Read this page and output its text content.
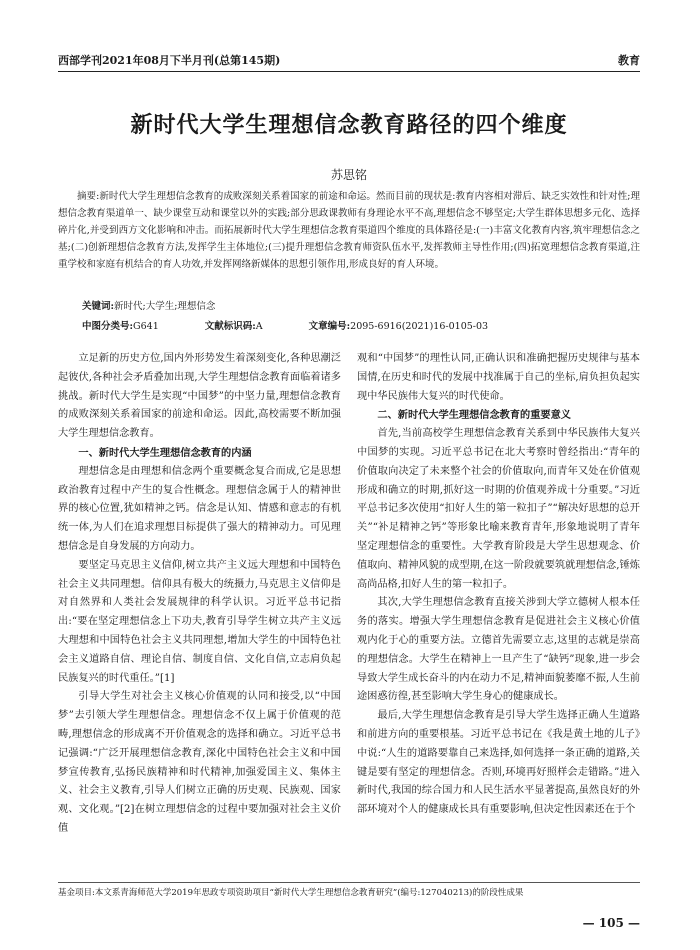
西部学刊2021年08月下半月刊(总第145期)	教育
新时代大学生理想信念教育路径的四个维度
苏思铭
摘要:新时代大学生理想信念教育的成败深刻关系着国家的前途和命运。然而目前的现状是:教育内容相对滞后、缺乏实效性和针对性;理想信念教育渠道单一、缺少课堂互动和课堂以外的实践;部分思政课教师有身理论水平不高,理想信念不够坚定;大学生群体思想多元化、选择碎片化,并受到西方文化影响和冲击。而拓展新时代大学生理想信念教育渠道四个维度的具体路径是:(一)丰富文化教育内容,筑牢理想信念之基;(二)创新理想信念教育方法,发挥学生主体地位;(三)提升理想信念教育师资队伍水平,发挥教师主导性作用;(四)拓宽理想信念教育渠道,注重学校和家庭有机结合的育人功效,并发挥网络新媒体的思想引领作用,形成良好的育人环境。
关键词:新时代;大学生;理想信念
中图分类号:G641	文献标识码:A	文章编号:2095-6916(2021)16-0105-03

立足新的历史方位,国内外形势发生着深刻变化,各种思潮泛起彼伏,各种社会矛盾叠加出现,大学生理想信念教育面临着诸多挑战。新时代大学生是实现“中国梦”的中坚力量,理想信念教育的成败深刻关系着国家的前途和命运。因此,高校需要不断加强大学生理想信念教育。

一、新时代大学生理想信念教育的内涵

理想信念是由理想和信念两个重要概念复合而成,它是思想政治教育过程中产生的复合性概念。理想信念属于人的精神世界的核心位置,犹如精神之钙。信念是认知、情感和意志的有机统一体,为人们在追求理想目标提供了强大的精神动力。可见理想信念是自身发展的方向动力。

要坚定马克思主义信仰,树立共产主义远大理想和中国特色社会主义共同理想。信仰具有极大的统摄力,马克思主义信仰是对自然界和人类社会发展规律的科学认识。习近平总书记指出:“要在坚定理想信念上下功夫,教育引导学生树立共产主义远大理想和中国特色社会主义共同理想,增加大学生的中国特色社会主义道路自信、理论自信、制度自信、文化自信,立志肩负起民族复兴的时代重任。”[1]

引导大学生对社会主义核心价值观的认同和接受,以“中国梦”去引领大学生理想信念。理想信念不仅上属于价值观的范畴,理想信念的形成离不开价值观念的选择和确立。习近平总书记强调:“广泛开展理想信念教育,深化中国特色社会主义和中国梦宣传教育,弘扬民族精神和时代精神,加强爱国主义、集体主义、社会主义教育,引导人们树立正确的历史观、民族观、国家观、文化观。”[2]在树立理想信念的过程中要加强对社会主义价值

观和“中国梦”的理性认同,正确认识和准确把握历史规律与基本国情,在历史和时代的发展中找准属于自己的坐标,肩负担负起实现中华民族伟大复兴的时代使命。

二、新时代大学生理想信念教育的重要意义

首先,当前高校学生理想信念教育关系到中华民族伟大复兴中国梦的实现。习近平总书记在北大考察时曾经指出:“青年的价值取向决定了未来整个社会的价值取向,而青年又处在价值观形成和确立的时期,抓好这一时期的价值观养成十分重要。”习近平总书记多次使用“扣好人生的第一粒扣子”“解决好思想的总开关”“补足精神之钙”等形象比喻来教育青年,形象地说明了青年坚定理想信念的重要性。大学教育阶段是大学生思想观念、价值取向、精神风貌的成型期,在这一阶段就要筑就理想信念,锤炼高尚品格,扣好人生的第一粒扣子。

其次,大学生理想信念教育直接关涉到大学立德树人根本任务的落实。增强大学生理想信念教育是促进社会主义核心价值观内化于心的重要方法。立德首先需要立志,这里的志就是崇高的理想信念。大学生在精神上一旦产生了“缺钙”现象,进一步会导致大学生成长奋斗的内在动力不足,精神面貌萎靡不振,人生前途困惑彷徨,甚至影响大学生身心的健康成长。

最后,大学生理想信念教育是引导大学生选择正确人生道路和前进方向的重要根基。习近平总书记在《我是黄土地的儿子》中说:“人生的道路要靠自己来选择,如何选择一条正确的道路,关键是要有坚定的理想信念。否则,环境再好照样会走错路。”进入新时代,我国的综合国力和人民生活水平显著提高,虽然良好的外部环境对个人的健康成长具有重要影响,但决定性因素还在于个

基金项目:本文系青海师范大学2019年思政专项资助项目“新时代大学生理想信念教育研究”(编号:127040213)的阶段性成果
— 105 —
